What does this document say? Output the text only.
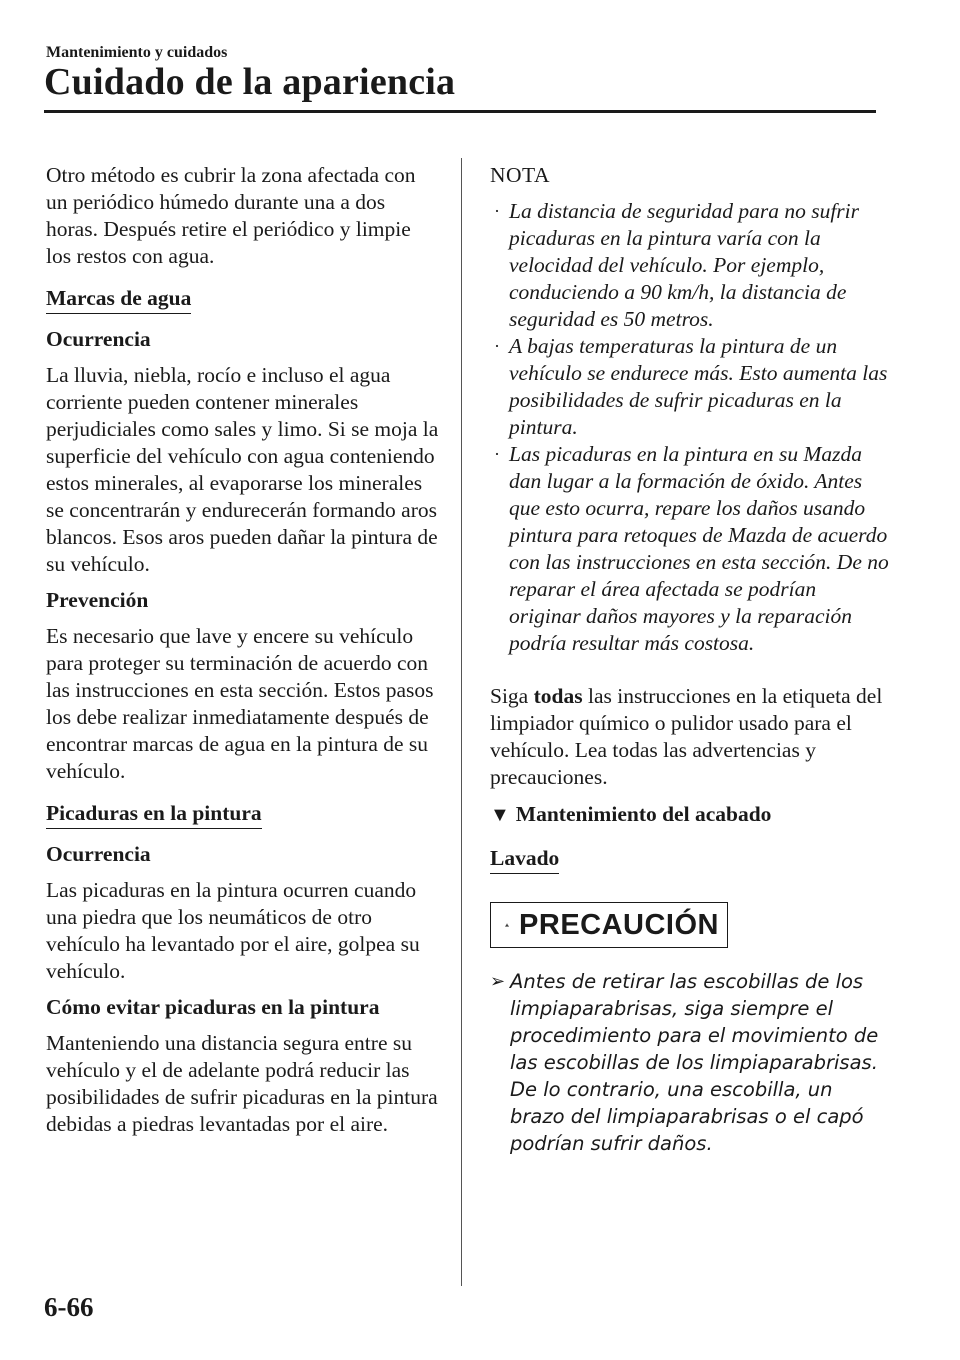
Mantenimiento y cuidados
Cuidado de la apariencia

Otro método es cubrir la zona afectada con un periódico húmedo durante una a dos horas. Después retire el periódico y limpie los restos con agua.

Marcas de agua
Ocurrencia

La lluvia, niebla, rocío e incluso el agua corriente pueden contener minerales perjudiciales como sales y limo. Si se moja la superficie del vehículo con agua conteniendo estos minerales, al evaporarse los minerales se concentrarán y endurecerán formando aros blancos. Esos aros pueden dañar la pintura de su vehículo.

Prevención

Es necesario que lave y encere su vehículo para proteger su terminación de acuerdo con las instrucciones en esta sección. Estos pasos los debe realizar inmediatamente después de encontrar marcas de agua en la pintura de su vehículo.

Picaduras en la pintura
Ocurrencia

Las picaduras en la pintura ocurren cuando una piedra que los neumáticos de otro vehículo ha levantado por el aire, golpea su vehículo.

Cómo evitar picaduras en la pintura

Manteniendo una distancia segura entre su vehículo y el de adelante podrá reducir las posibilidades de sufrir picaduras en la pintura debidas a piedras levantadas por el aire.

NOTA
· La distancia de seguridad para no sufrir picaduras en la pintura varía con la velocidad del vehículo. Por ejemplo, conduciendo a 90 km/h, la distancia de seguridad es 50 metros.
· A bajas temperaturas la pintura de un vehículo se endurece más. Esto aumenta las posibilidades de sufrir picaduras en la pintura.
· Las picaduras en la pintura en su Mazda dan lugar a la formación de óxido. Antes que esto ocurra, repare los daños usando pintura para retoques de Mazda de acuerdo con las instrucciones en esta sección. De no reparar el área afectada se podrían originar daños mayores y la reparación podría resultar más costosa.

Siga todas las instrucciones en la etiqueta del limpiador químico o pulidor usado para el vehículo. Lea todas las advertencias y precauciones.

▼ Mantenimiento del acabado
Lavado
PRECAUCIÓN
➢ Antes de retirar las escobillas de los limpiaparabrisas, siga siempre el procedimiento para el movimiento de las escobillas de los limpiaparabrisas. De lo contrario, una escobilla, un brazo del limpiaparabrisas o el capó podrían sufrir daños.
6-66
